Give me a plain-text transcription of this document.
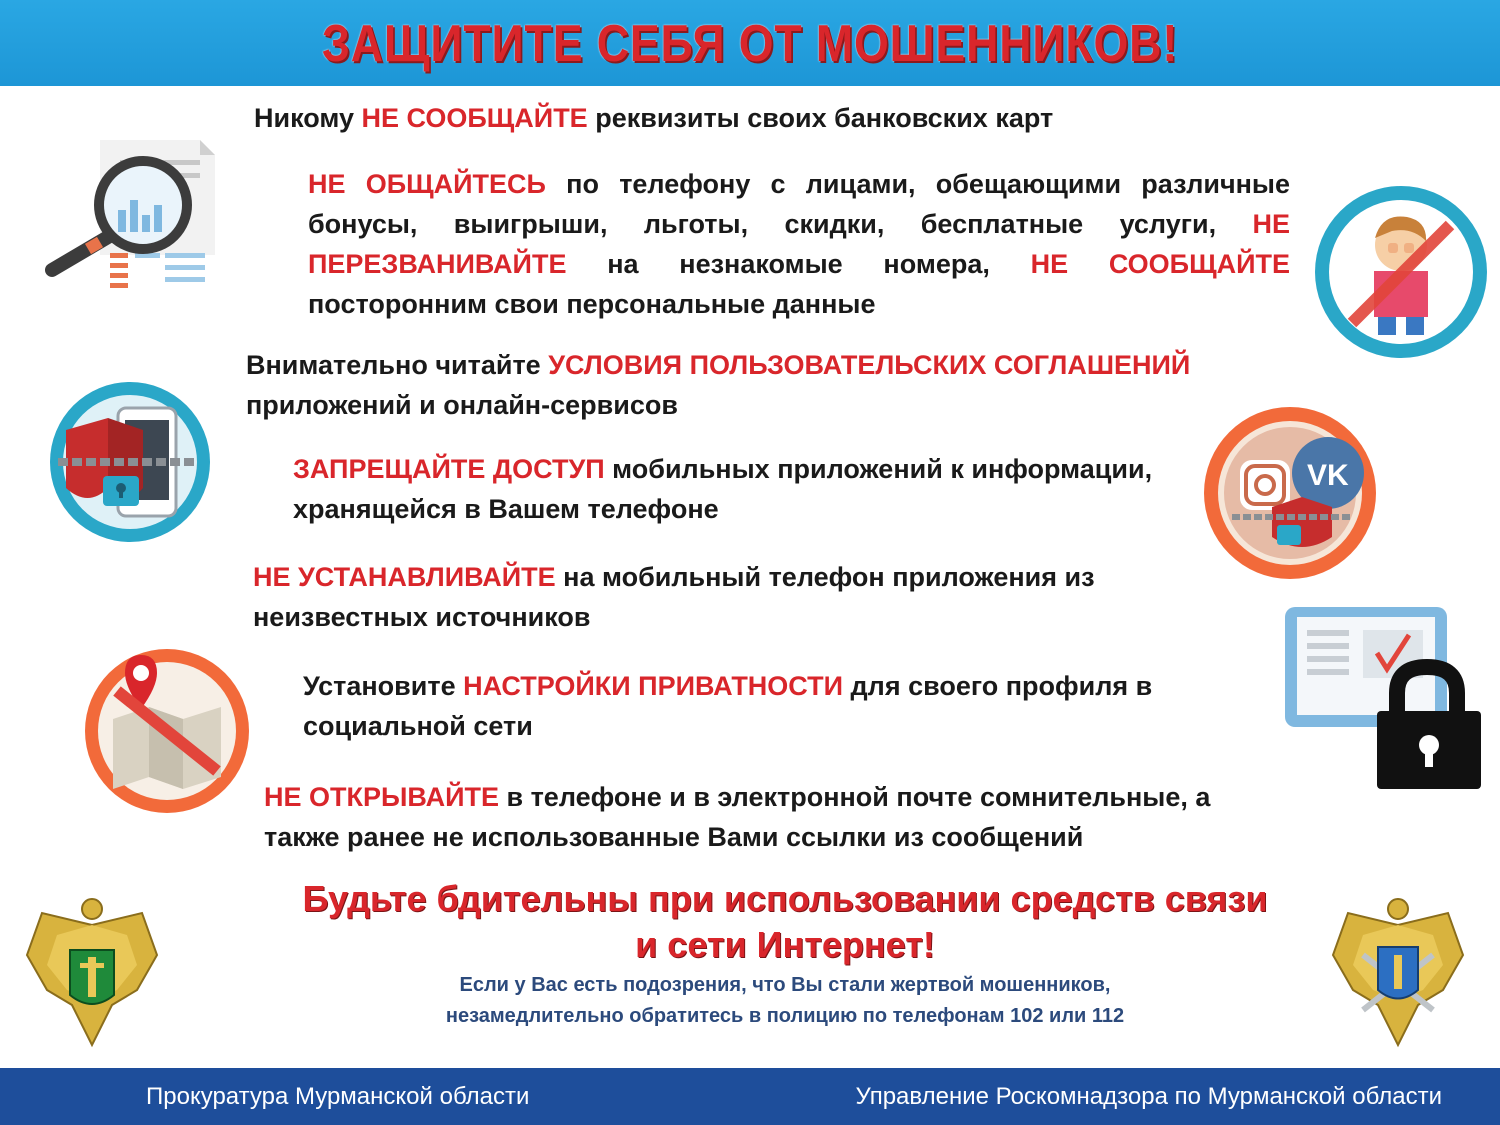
ЗАЩИТИТЕ СЕБЯ ОТ МОШЕННИКОВ!
Никому НЕ СООБЩАЙТЕ реквизиты своих банковских карт
НЕ ОБЩАЙТЕСЬ по телефону с лицами, обещающими различные бонусы, выигрыши, льготы, скидки, бесплатные услуги, НЕ ПЕРЕЗВАНИВАЙТЕ на незнакомые номера, НЕ СООБЩАЙТЕ посторонним свои персональные данные
Внимательно читайте УСЛОВИЯ ПОЛЬЗОВАТЕЛЬСКИХ СОГЛАШЕНИЙ приложений и онлайн-сервисов
ЗАПРЕЩАЙТЕ ДОСТУП мобильных приложений к информации, хранящейся в Вашем телефоне
НЕ УСТАНАВЛИВАЙТЕ на мобильный телефон приложения из неизвестных источников
Установите НАСТРОЙКИ ПРИВАТНОСТИ для своего профиля в социальной сети
НЕ ОТКРЫВАЙТЕ в телефоне и в электронной почте сомнительные, а также ранее не использованные Вами ссылки из сообщений
Будьте бдительны при использовании средств связи
и сети Интернет!
Если у Вас есть подозрения, что Вы стали жертвой мошенников,
незамедлительно обратитесь в полицию по телефонам 102 или 112
Прокуратура Мурманской области	Управление Роскомнадзора по Мурманской области
VK
